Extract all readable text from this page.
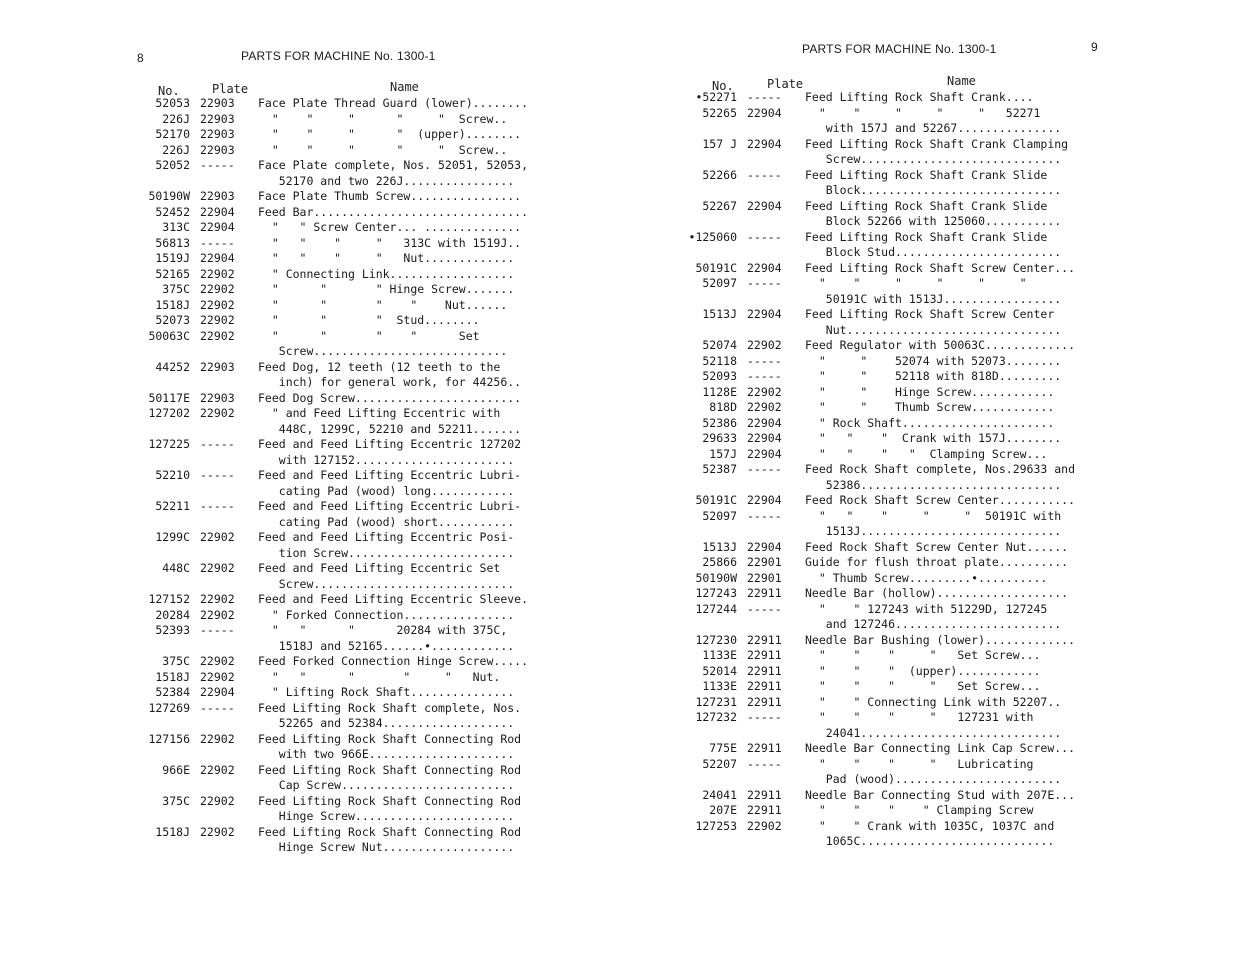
8	PARTS FOR MACHINE No. 1300-1
No.	Plate	Name
52053 22903	Face Plate Thread Guard (lower)........
226J 22903	"    "     "      "     "  Screw..
52170 22903	"    "     "      "  (upper)........
226J 22903	"    "     "      "     "  Screw..
52052 -----	Face Plate complete, Nos. 52051, 52053,
52170 and two 226J................
50190W 22903	Face Plate Thumb Screw................
52452 22904	Feed Bar...............................
313C 22904	"   " Screw Center... ..............
56813 -----	"   "    "     "   313C with 1519J..
1519J 22904	"   "    "     "   Nut.............
52165 22902	" Connecting Link..................
375C 22902	"      "       " Hinge Screw.......
1518J 22902	"      "       "    "    Nut......
52073 22902	"      "       "  Stud........
50063C 22902	"      "       "    "      Set
Screw............................
44252 22903	Feed Dog, 12 teeth (12 teeth to the
inch) for general work, for 44256..
50117E 22903	Feed Dog Screw........................
127202 22902	" and Feed Lifting Eccentric with
448C, 1299C, 52210 and 52211.......
127225 -----	Feed and Feed Lifting Eccentric 127202
with 127152.......................
52210 -----	Feed and Feed Lifting Eccentric Lubri-
cating Pad (wood) long............
52211 -----	Feed and Feed Lifting Eccentric Lubri-
cating Pad (wood) short...........
1299C 22902	Feed and Feed Lifting Eccentric Posi-
tion Screw........................
448C 22902	Feed and Feed Lifting Eccentric Set
Screw.............................
127152 22902	Feed and Feed Lifting Eccentric Sleeve.
20284 22902	" Forked Connection................
52393 -----	"   "      "      20284 with 375C,
1518J and 52165......•............
375C 22902	Feed Forked Connection Hinge Screw.....
1518J 22902	"   "      "       "     "   Nut.
52384 22904	" Lifting Rock Shaft...............
127269 -----	Feed Lifting Rock Shaft complete, Nos.
52265 and 52384...................
127156 22902	Feed Lifting Rock Shaft Connecting Rod
with two 966E.....................
966E 22902	Feed Lifting Rock Shaft Connecting Rod
Cap Screw.........................
375C 22902	Feed Lifting Rock Shaft Connecting Rod
Hinge Screw.......................
1518J 22902	Feed Lifting Rock Shaft Connecting Rod
Hinge Screw Nut...................
PARTS FOR MACHINE No. 1300-1	9
No.	Plate	Name
•52271 -----	Feed Lifting Rock Shaft Crank....
52265 22904	"    "     "     "     "   52271
with 157J and 52267...............
157 J 22904	Feed Lifting Rock Shaft Crank Clamping
Screw.............................
52266 -----	Feed Lifting Rock Shaft Crank Slide
Block.............................
52267 22904	Feed Lifting Rock Shaft Crank Slide
Block 52266 with 125060...........
•125060 -----	Feed Lifting Rock Shaft Crank Slide
Block Stud........................
50191C 22904	Feed Lifting Rock Shaft Screw Center...
52097 -----	"    "     "     "     "     "
50191C with 1513J.................
1513J 22904	Feed Lifting Rock Shaft Screw Center
Nut...............................
52074 22902	Feed Regulator with 50063C.............
52118 -----	"     "    52074 with 52073........
52093 -----	"     "    52118 with 818D.........
1128E 22902	"     "    Hinge Screw............
818D 22902	"     "    Thumb Screw............
52386 22904	" Rock Shaft......................
29633 22904	"   "    "  Crank with 157J........
157J 22904	"   "    "   "  Clamping Screw...
52387 -----	Feed Rock Shaft complete, Nos.29633 and
52386.............................
50191C 22904	Feed Rock Shaft Screw Center...........
52097 -----	"   "    "     "     "  50191C with
1513J.............................
1513J 22904	Feed Rock Shaft Screw Center Nut......
25866 22901	Guide for flush throat plate..........
50190W 22901	" Thumb Screw.........•..........
127243 22911	Needle Bar (hollow)...................
127244 -----	"    " 127243 with 51229D, 127245
and 127246........................
127230 22911	Needle Bar Bushing (lower).............
1133E 22911	"    "    "     "   Set Screw...
52014 22911	"    "    "  (upper)............
1133E 22911	"    "    "     "   Set Screw...
127231 22911	"    " Connecting Link with 52207..
127232 -----	"    "    "     "   127231 with
24041.............................
775E 22911	Needle Bar Connecting Link Cap Screw...
52207 -----	"    "    "     "   Lubricating
Pad (wood)........................
24041 22911	Needle Bar Connecting Stud with 207E...
207E 22911	"    "    "    " Clamping Screw
127253 22902	"    " Crank with 1035C, 1037C and
1065C............................
